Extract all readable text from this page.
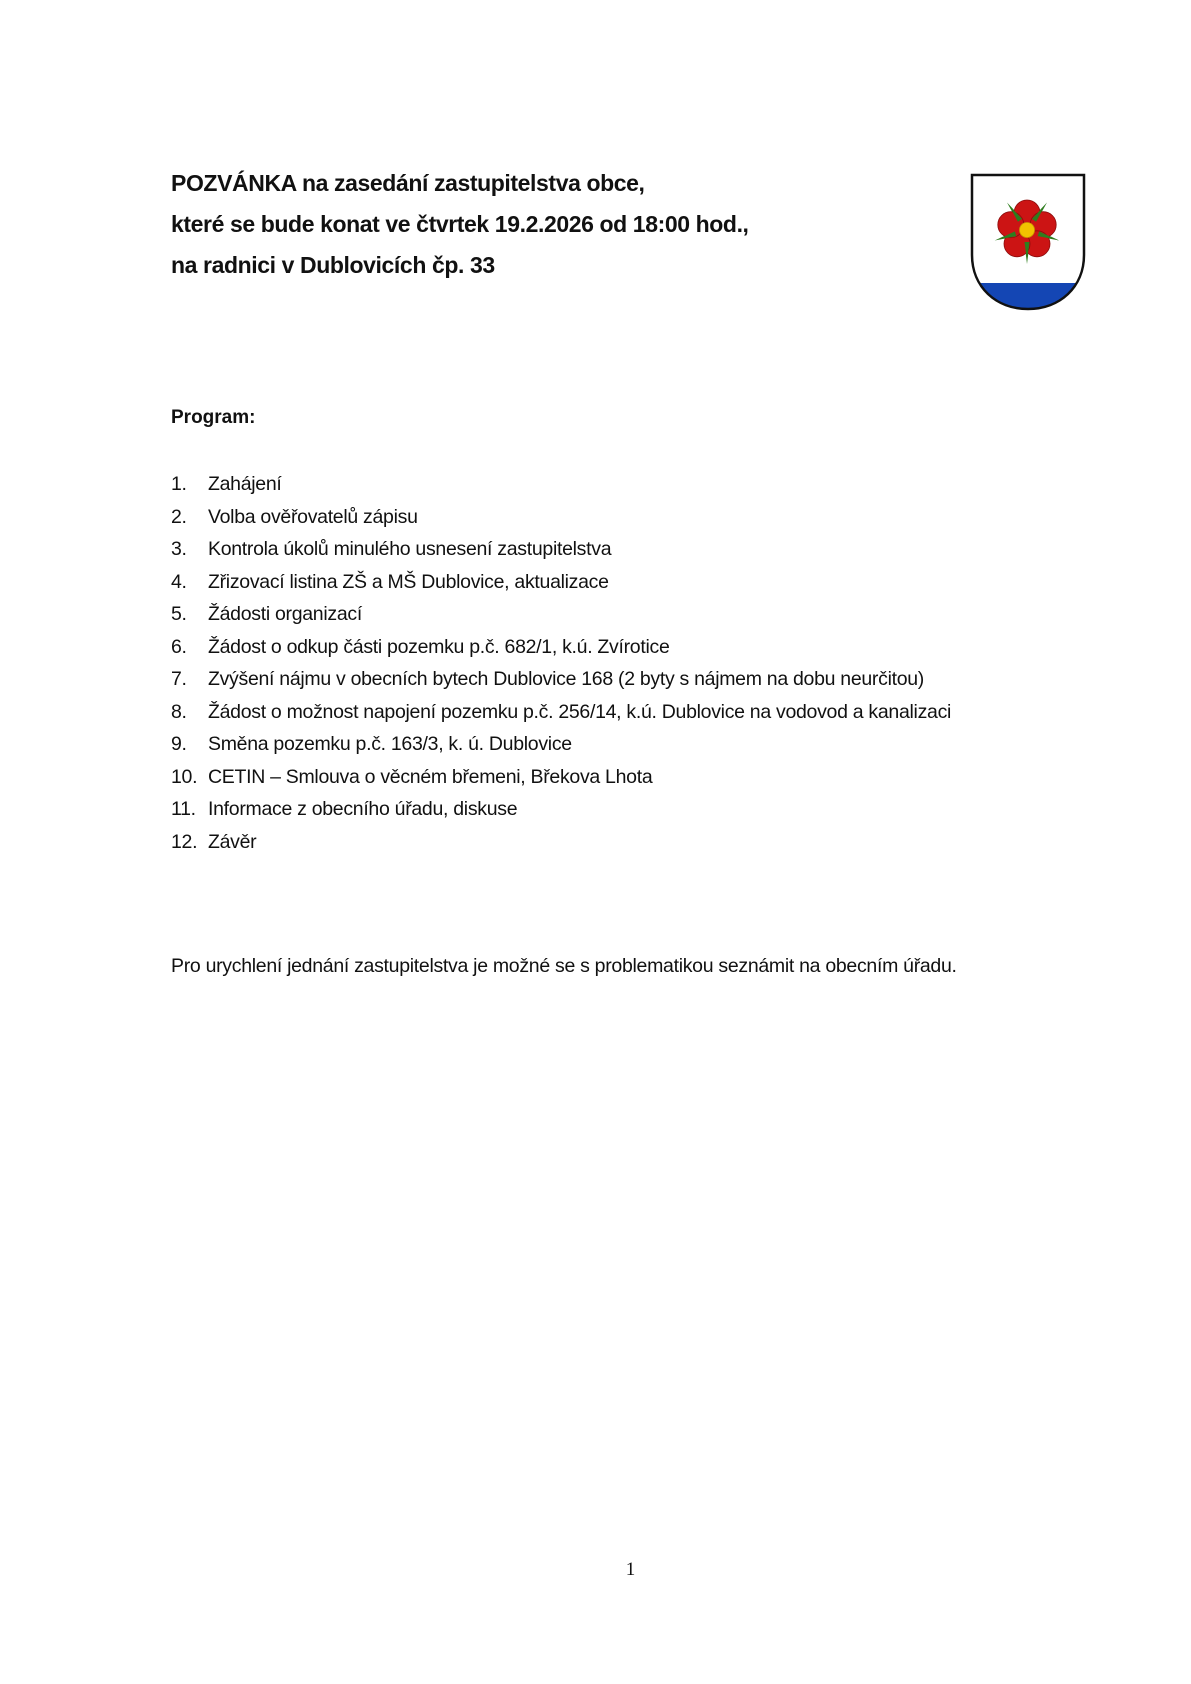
POZVÁNKA na zasedání zastupitelstva obce,
které se bude konat ve čtvrtek 19.2.2026 od 18:00 hod.,
na radnici v Dublovicích čp. 33
Program:
1.	Zahájení
2.	Volba ověřovatelů zápisu
3.	Kontrola úkolů minulého usnesení zastupitelstva
4.	Zřizovací listina ZŠ a MŠ Dublovice, aktualizace
5.	Žádosti organizací
6.	Žádost o odkup části pozemku p.č. 682/1, k.ú. Zvírotice
7.	Zvýšení nájmu v obecních bytech Dublovice 168 (2 byty s nájmem na dobu neurčitou)
8.	Žádost o možnost napojení pozemku p.č. 256/14, k.ú. Dublovice na vodovod a kanalizaci
9.	Směna pozemku p.č. 163/3, k. ú. Dublovice
10. CETIN – Smlouva o věcném břemeni, Břekova Lhota
11. Informace z obecního úřadu, diskuse
12. Závěr
Pro urychlení jednání zastupitelstva je možné se s problematikou seznámit na obecním úřadu.
1
